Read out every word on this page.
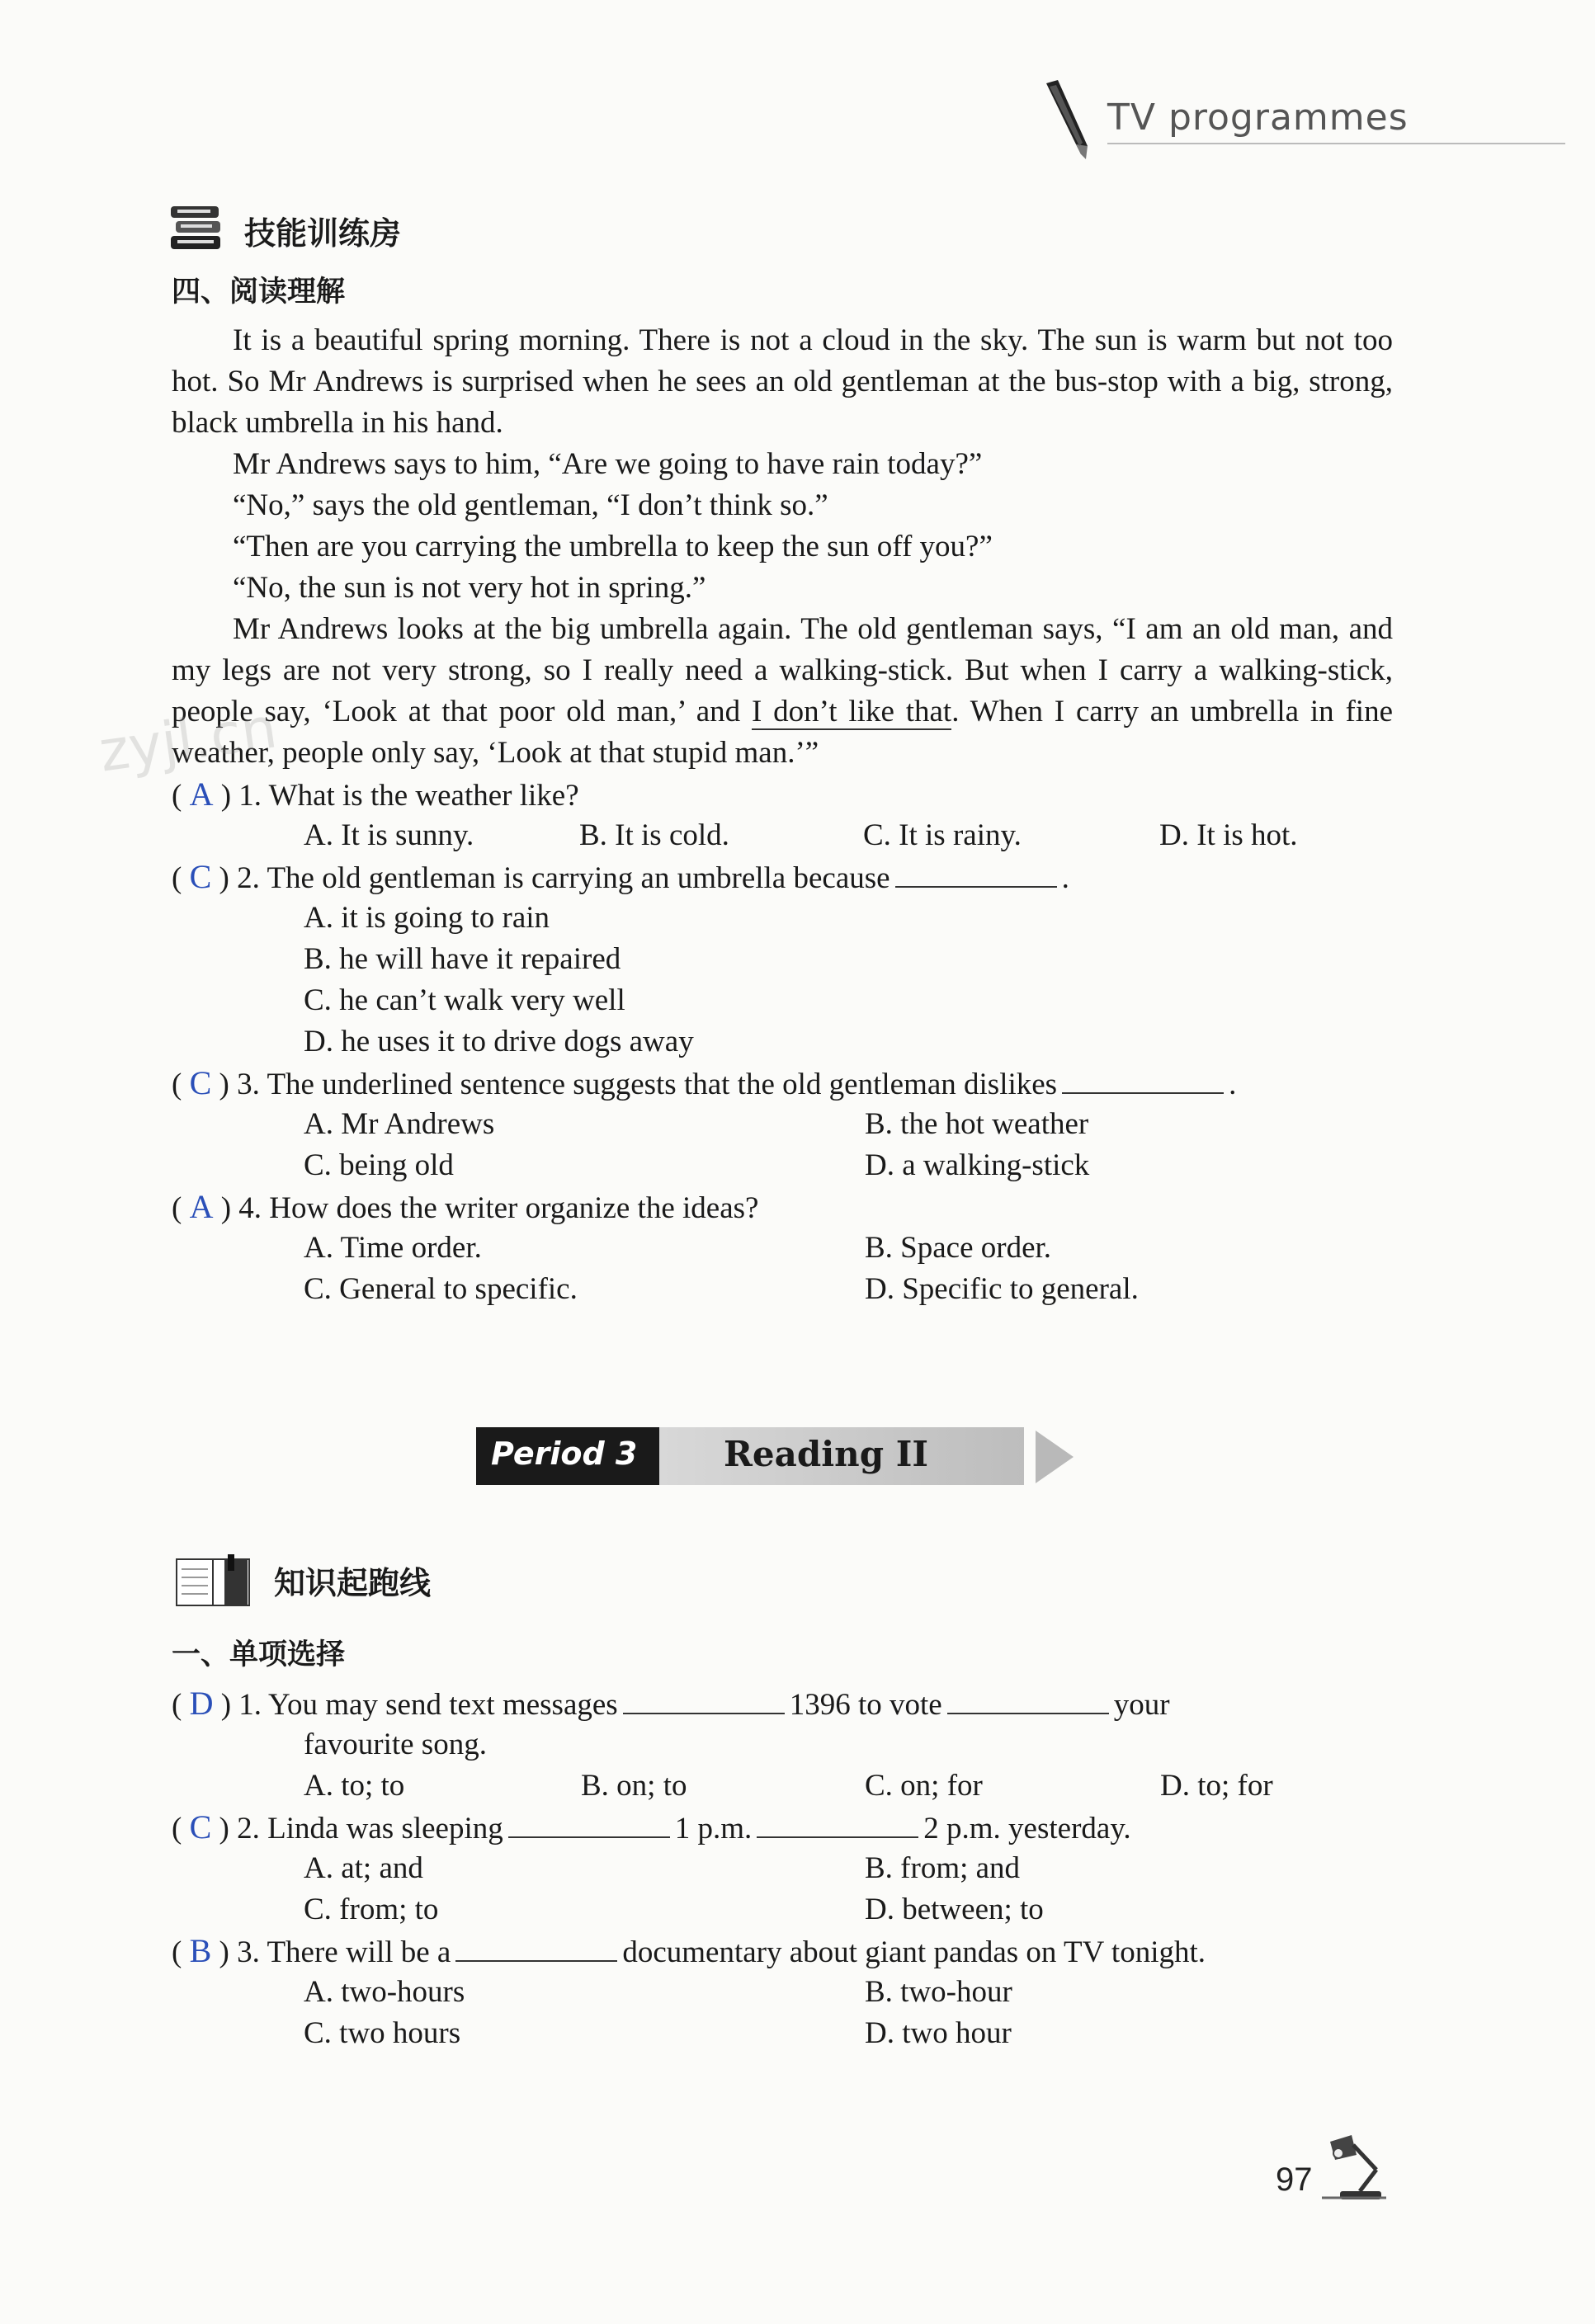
TV programmes
技能训练房
四、阅读理解
It is a beautiful spring morning. There is not a cloud in the sky. The sun is warm but not too hot. So Mr Andrews is surprised when he sees an old gentleman at the bus-stop with a big, strong, black umbrella in his hand.
Mr Andrews says to him, “Are we going to have rain today?”
“No,” says the old gentleman, “I don’t think so.”
“Then are you carrying the umbrella to keep the sun off you?”
“No, the sun is not very hot in spring.”
Mr Andrews looks at the big umbrella again. The old gentleman says, “I am an old man, and my legs are not very strong, so I really need a walking-stick. But when I carry a walking-stick, people say, ‘Look at that poor old man,’ and I don’t like that. When I carry an umbrella in fine weather, people only say, ‘Look at that stupid man.’”
zyjl.cn
( A ) 1. What is the weather like?
A. It is sunny.	B. It is cold.	C. It is rainy.	D. It is hot.
( C ) 2. The old gentleman is carrying an umbrella because	.
A. it is going to rain
B. he will have it repaired
C. he can’t walk very well
D. he uses it to drive dogs away
( C ) 3. The underlined sentence suggests that the old gentleman dislikes	.
A. Mr Andrews	B. the hot weather
C. being old	D. a walking-stick
( A ) 4. How does the writer organize the ideas?
A. Time order.	B. Space order.
C. General to specific.	D. Specific to general.
Period 3 Reading II
知识起跑线
一、单项选择
( D ) 1. You may send text messages	1396 to vote	your
favourite song.
A. to; to	B. on; to	C. on; for	D. to; for
( C ) 2. Linda was sleeping	1 p.m.	2 p.m. yesterday.
A. at; and	B. from; and
C. from; to	D. between; to
( B ) 3. There will be a	documentary about giant pandas on TV tonight.
A. two-hours	B. two-hour
C. two hours	D. two hour
97
